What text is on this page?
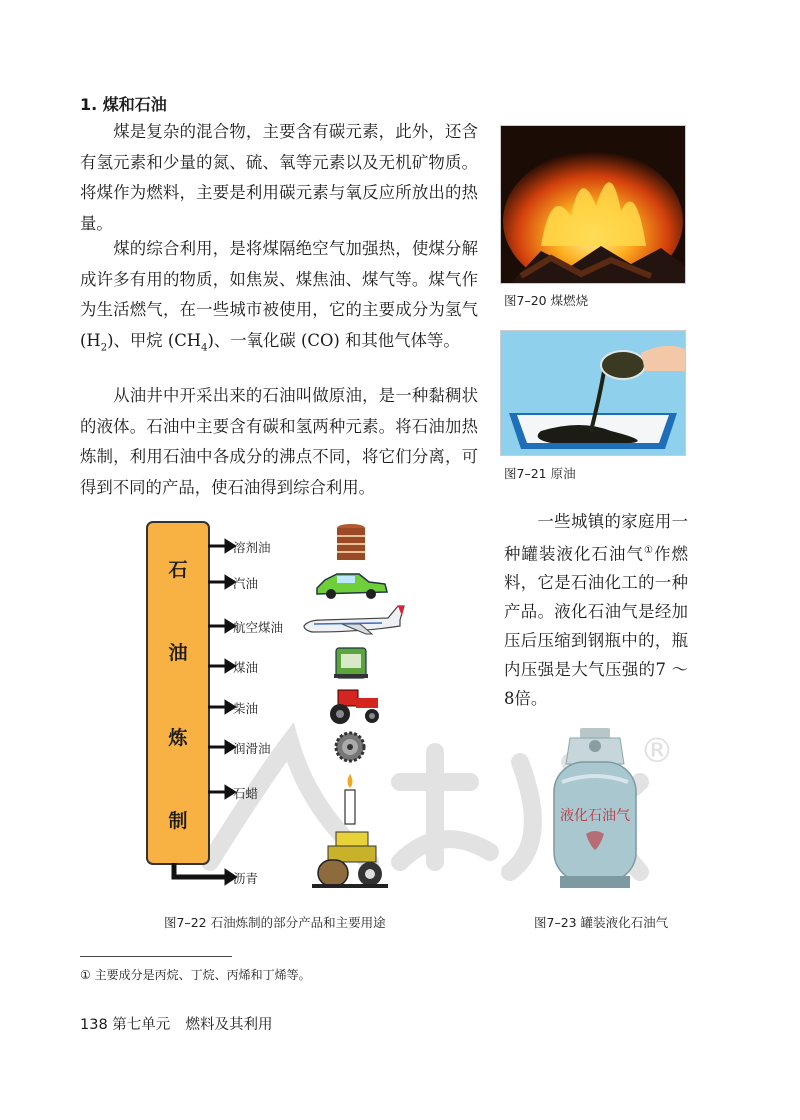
®
1. 煤和石油
煤是复杂的混合物，主要含有碳元素，此外，还含有氢元素和少量的氮、硫、氧等元素以及无机矿物质。将煤作为燃料，主要是利用碳元素与氧反应所放出的热量。
煤的综合利用，是将煤隔绝空气加强热，使煤分解成许多有用的物质，如焦炭、煤焦油、煤气等。煤气作为生活燃气，在一些城市被使用，它的主要成分为氢气$(H_2)$、甲烷 $(CH_4)$、一氧化碳 (CO) 和其他气体等。
从油井中开采出来的石油叫做原油，是一种黏稠状的液体。石油中主要含有碳和氢两种元素。将石油加热炼制，利用石油中各成分的沸点不同，将它们分离，可得到不同的产品，使石油得到综合利用。
图7–20 煤燃烧
图7–21 原油
一些城镇的家庭用一种罐装液化石油气①作燃料，它是石油化工的一种产品。液化石油气是经加压后压缩到钢瓶中的，瓶内压强是大气压强的7 ～ 8倍。
石
油
炼
制
溶剂油
汽油
航空煤油
煤油
柴油
润滑油
石蜡
沥青
图7–22 石油炼制的部分产品和主要用途
液化石油气
图7–23 罐装液化石油气
① 主要成分是丙烷、丁烷、丙烯和丁烯等。
138 第七单元 燃料及其利用
